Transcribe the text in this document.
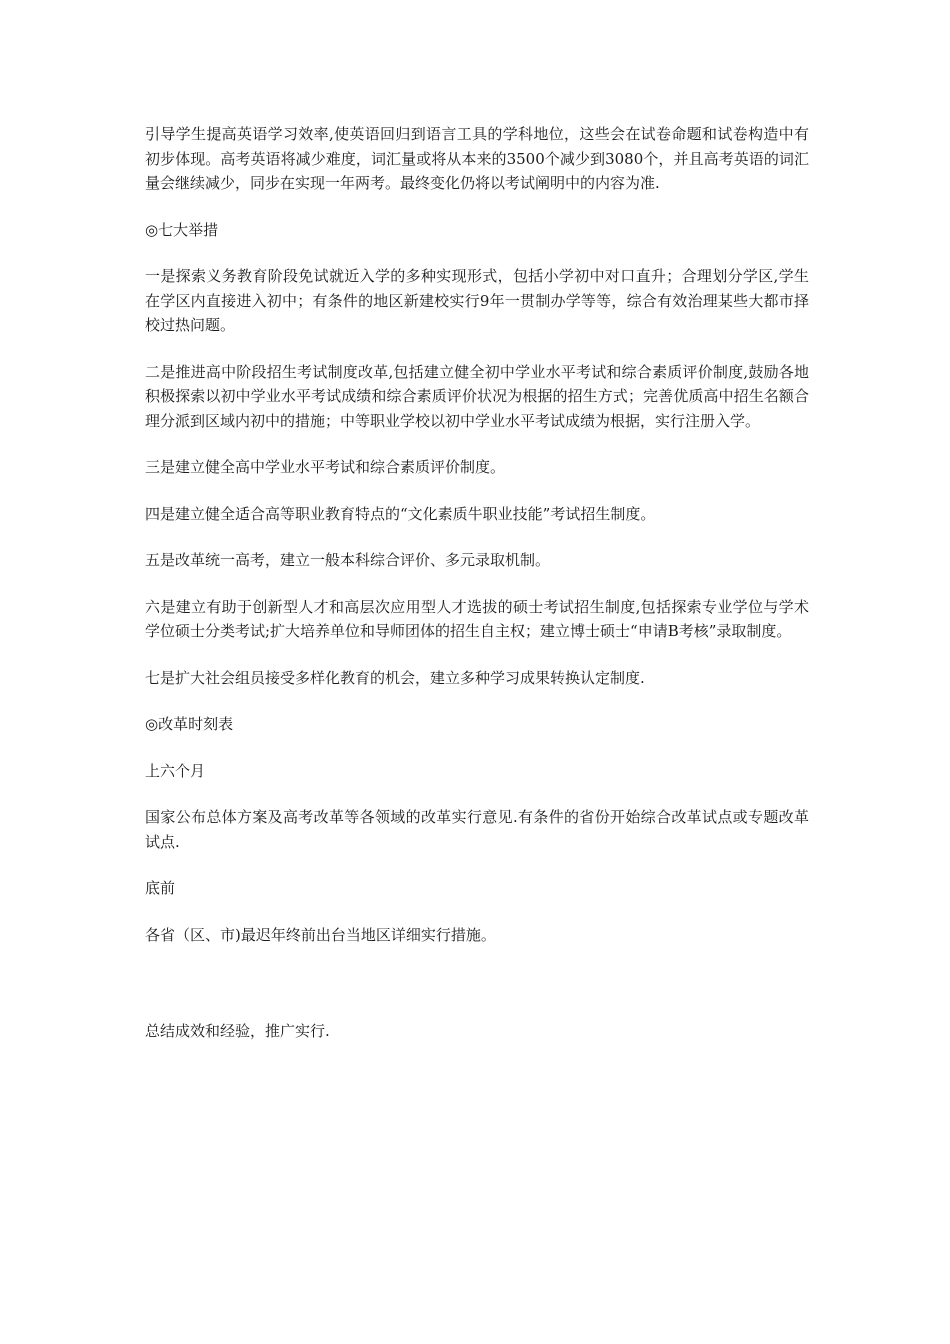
引导学生提高英语学习效率,使英语回归到语言工具的学科地位，这些会在试卷命题和试卷构造中有初步体现。高考英语将减少难度，词汇量或将从本来的3500个减少到3080个，并且高考英语的词汇量会继续减少，同步在实现一年两考。最终变化仍将以考试阐明中的内容为准.

◎七大举措

一是探索义务教育阶段免试就近入学的多种实现形式，包括小学初中对口直升；合理划分学区,学生在学区内直接进入初中；有条件的地区新建校实行9年一贯制办学等等，综合有效治理某些大都市择校过热问题。

二是推进高中阶段招生考试制度改革,包括建立健全初中学业水平考试和综合素质评价制度,鼓励各地积极探索以初中学业水平考试成绩和综合素质评价状况为根据的招生方式；完善优质高中招生名额合理分派到区域内初中的措施；中等职业学校以初中学业水平考试成绩为根据，实行注册入学。

三是建立健全高中学业水平考试和综合素质评价制度。

四是建立健全适合高等职业教育特点的“文化素质牛职业技能”考试招生制度。

五是改革统一高考，建立一般本科综合评价、多元录取机制。

六是建立有助于创新型人才和高层次应用型人才选拔的硕士考试招生制度,包括探索专业学位与学术学位硕士分类考试;扩大培养单位和导师团体的招生自主权；建立博士硕士“申请B考核”录取制度。

七是扩大社会组员接受多样化教育的机会，建立多种学习成果转换认定制度.

◎改革时刻表

上六个月

国家公布总体方案及高考改革等各领域的改革实行意见.有条件的省份开始综合改革试点或专题改革试点.

底前

各省（区、市)最迟年终前出台当地区详细实行措施。

总结成效和经验，推广实行.
